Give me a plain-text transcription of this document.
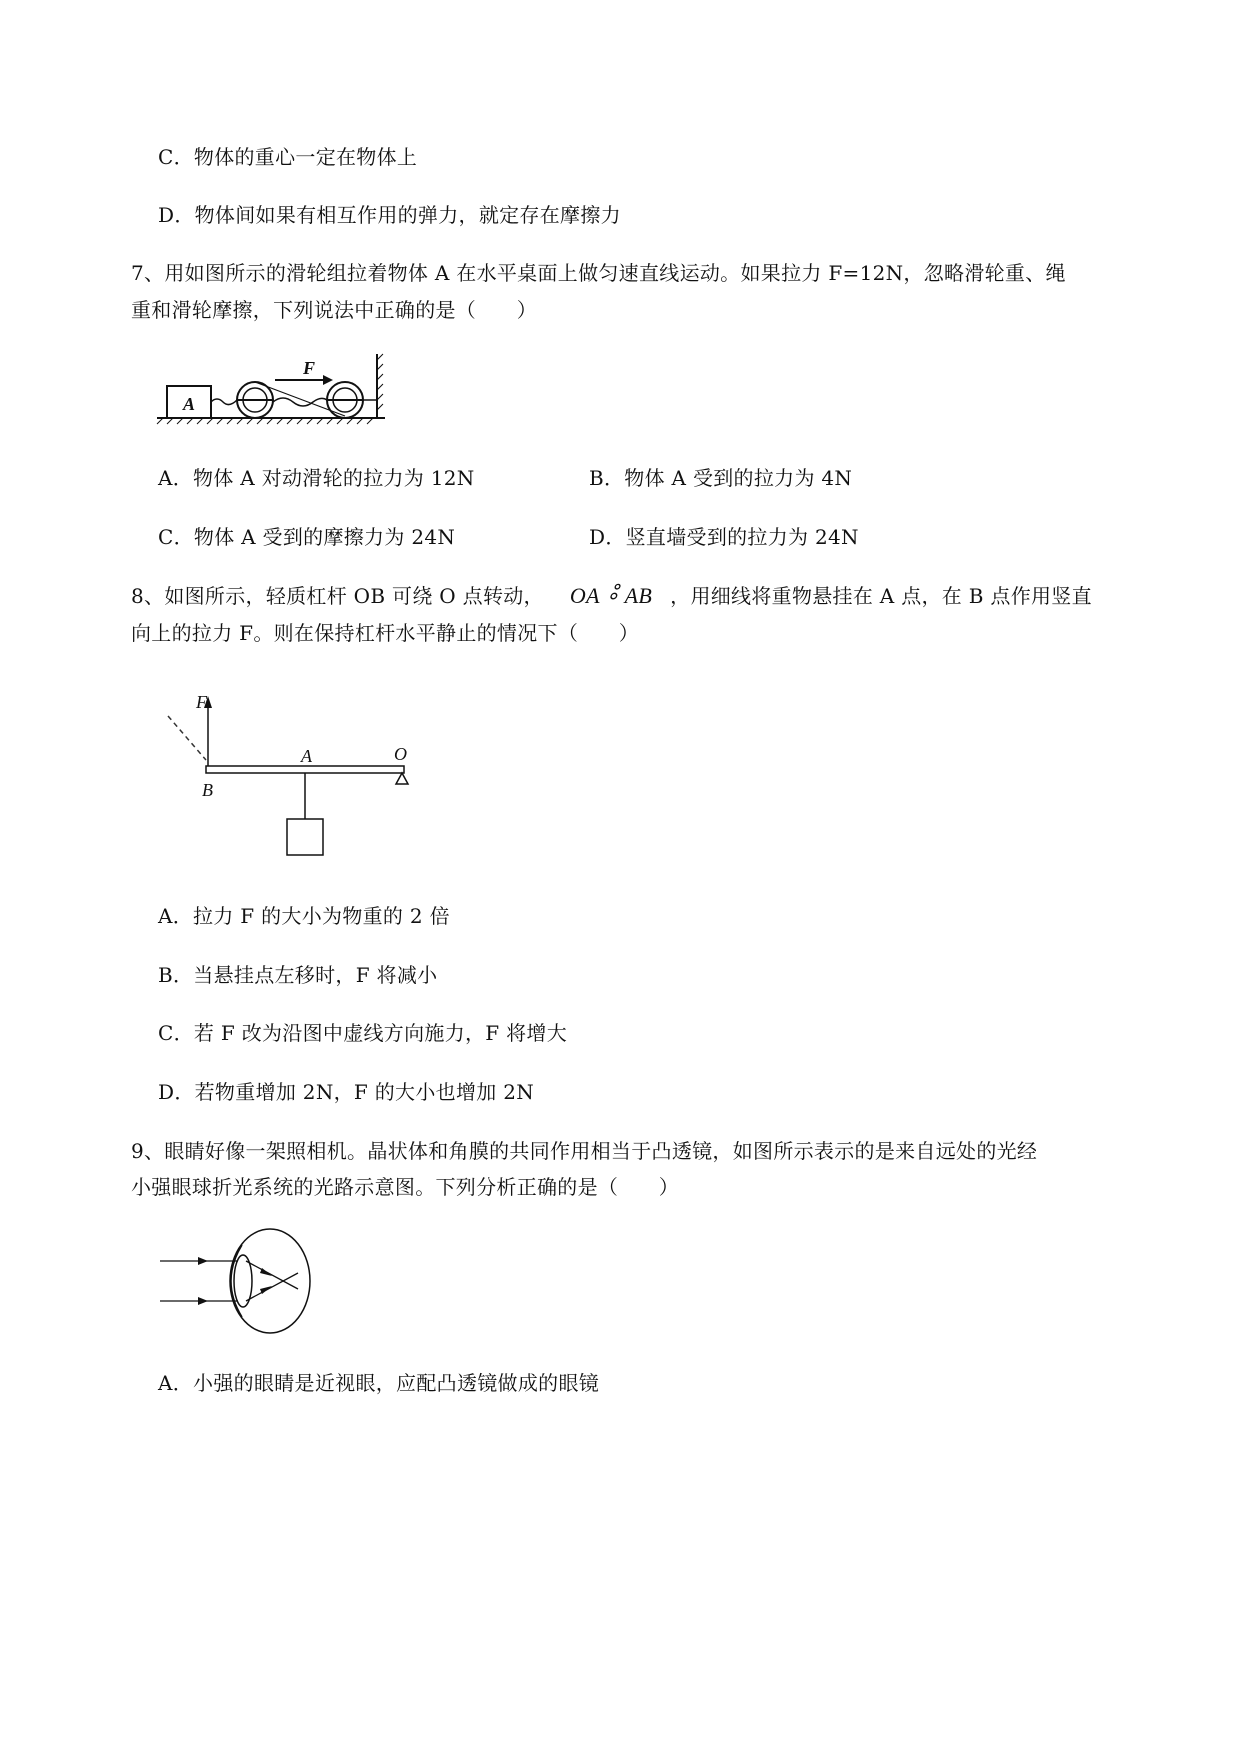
C．物体的重心一定在物体上
D．物体间如果有相互作用的弹力，就定存在摩擦力
7、用如图所示的滑轮组拉着物体 A 在水平桌面上做匀速直线运动。如果拉力 F=12N，忽略滑轮重、绳
重和滑轮摩擦，下列说法中正确的是（　　）
A
F
A．物体 A 对动滑轮的拉力为 12N	B．物体 A 受到的拉力为 4N
C．物体 A 受到的摩擦力为 24N	D．竖直墙受到的拉力为 24N
8、如图所示，轻质杠杆 OB 可绕 O 点转动， OA ∘̊ AB ，用细线将重物悬挂在 A 点，在 B 点作用竖直
向上的拉力 F。则在保持杠杆水平静止的情况下（　　）
F
A	O
B
A．拉力 F 的大小为物重的 2 倍
B．当悬挂点左移时，F 将减小
C．若 F 改为沿图中虚线方向施力，F 将增大
D．若物重增加 2N，F 的大小也增加 2N
9、眼睛好像一架照相机。晶状体和角膜的共同作用相当于凸透镜，如图所示表示的是来自远处的光经
小强眼球折光系统的光路示意图。下列分析正确的是（　　）
A．小强的眼睛是近视眼，应配凸透镜做成的眼镜
